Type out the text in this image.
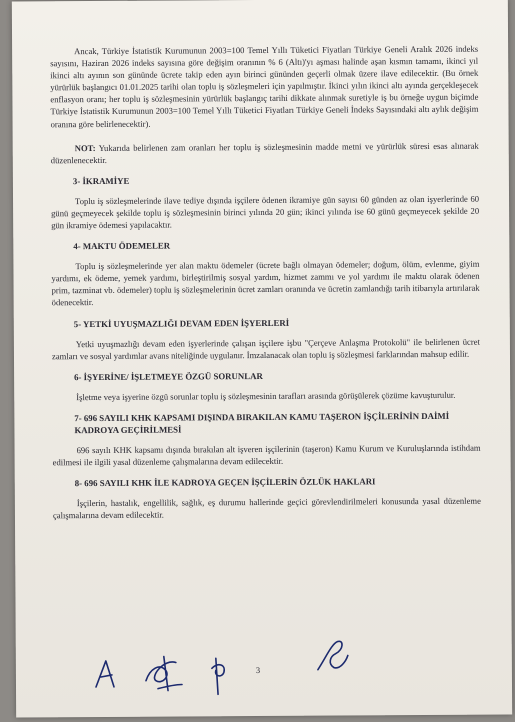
Ancak, Türkiye İstatistik Kurumunun 2003=100 Temel Yıllı Tüketici Fiyatları Türkiye Geneli Aralık 2026 indeks sayısını, Haziran 2026 indeks sayısına göre değişim oranının % 6 (Altı)'yı aşması halinde aşan kısmın tamamı, ikinci yıl ikinci altı ayının son gününde ücrete takip eden ayın birinci gününden geçerli olmak üzere ilave edilecektir. (Bu örnek yürürlük başlangıcı 01.01.2025 tarihi olan toplu iş sözleşmeleri için yapılmıştır. İkinci yılın ikinci altı ayında gerçekleşecek enflasyon oranı; her toplu iş sözleşmesinin yürürlük başlangıç tarihi dikkate alınmak suretiyle iş bu örneğe uygun biçimde Türkiye İstatistik Kurumunun 2003=100 Temel Yıllı Tüketici Fiyatları Türkiye Geneli İndeks Sayısındaki altı aylık değişim oranına göre belirlenecektir).

NOT: Yukarıda belirlenen zam oranları her toplu iş sözleşmesinin madde metni ve yürürlük süresi esas alınarak düzenlenecektir.

3- İKRAMİYE

Toplu iş sözleşmelerinde ilave tediye dışında işçilere ödenen ikramiye gün sayısı 60 günden az olan işyerlerinde 60 günü geçmeyecek şekilde toplu iş sözleşmesinin birinci yılında 20 gün; ikinci yılında ise 60 günü geçmeyecek şekilde 20 gün ikramiye ödemesi yapılacaktır.

4- MAKTU ÖDEMELER

Toplu iş sözleşmelerinde yer alan maktu ödemeler (ücrete bağlı olmayan ödemeler; doğum, ölüm, evlenme, giyim yardımı, ek ödeme, yemek yardımı, birleştirilmiş sosyal yardım, hizmet zammı ve yol yardımı ile maktu olarak ödenen prim, tazminat vb. ödemeler) toplu iş sözleşmelerinin ücret zamları oranında ve ücretin zamlandığı tarih itibarıyla artırılarak ödenecektir.

5- YETKİ UYUŞMAZLIĞI DEVAM EDEN İŞYERLERİ

Yetki uyuşmazlığı devam eden işyerlerinde çalışan işçilere işbu "Çerçeve Anlaşma Protokolü" ile belirlenen ücret zamları ve sosyal yardımlar avans niteliğinde uygulanır. İmzalanacak olan toplu iş sözleşmesi farklarından mahsup edilir.

6- İŞYERİNE/ İŞLETMEYE ÖZGÜ SORUNLAR

İşletme veya işyerine özgü sorunlar toplu iş sözleşmesinin tarafları arasında görüşülerek çözüme kavuşturulur.

7- 696 SAYILI KHK KAPSAMI DIŞINDA BIRAKILAN KAMU TAŞERON İŞÇİLERİNİN DAİMİ KADROYA GEÇİRİLMESİ

696 sayılı KHK kapsamı dışında bırakılan alt işveren işçilerinin (taşeron) Kamu Kurum ve Kuruluşlarında istihdam edilmesi ile ilgili yasal düzenleme çalışmalarına devam edilecektir.

8- 696 SAYILI KHK İLE KADROYA GEÇEN İŞÇİLERİN ÖZLÜK HAKLARI

İşçilerin, hastalık, engellilik, sağlık, eş durumu hallerinde geçici görevlendirilmeleri konusunda yasal düzenleme çalışmalarına devam edilecektir.

3
